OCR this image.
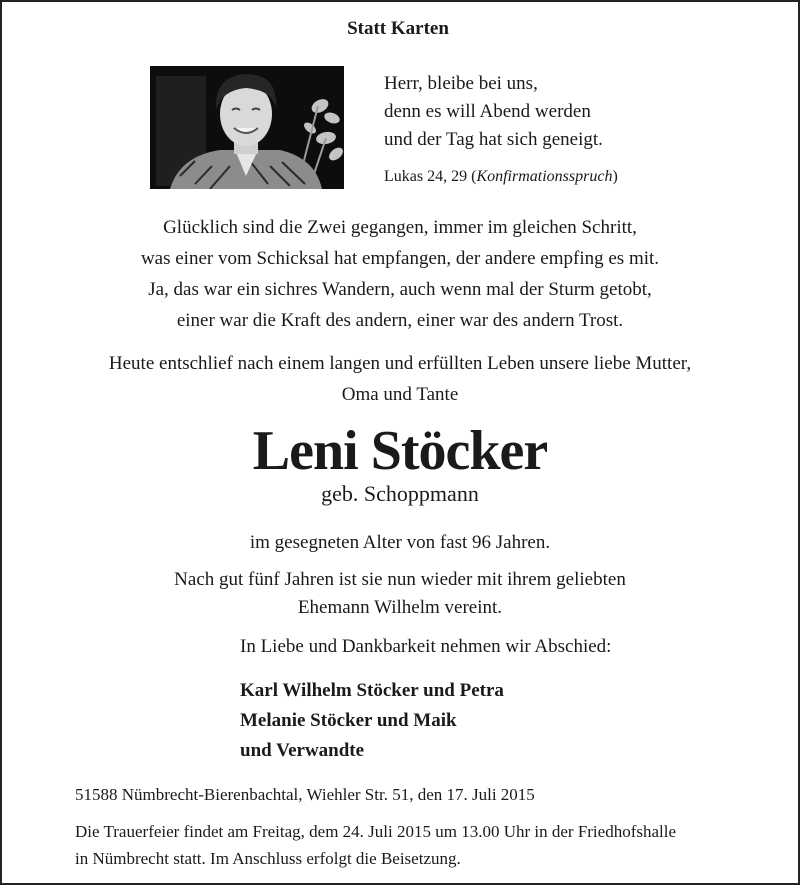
Statt Karten
Herr, bleibe bei uns,
denn es will Abend werden
und der Tag hat sich geneigt.
Lukas 24, 29 (Konfirmationsspruch)
Glücklich sind die Zwei gegangen, immer im gleichen Schritt,
was einer vom Schicksal hat empfangen, der andere empfing es mit.
Ja, das war ein sichres Wandern, auch wenn mal der Sturm getobt,
einer war die Kraft des andern, einer war des andern Trost.
Heute entschlief nach einem langen und erfüllten Leben unsere liebe Mutter,
Oma und Tante
Leni Stöcker
geb. Schoppmann
im gesegneten Alter von fast 96 Jahren.
Nach gut fünf Jahren ist sie nun wieder mit ihrem geliebten
Ehemann Wilhelm vereint.
In Liebe und Dankbarkeit nehmen wir Abschied:
Karl Wilhelm Stöcker und Petra
Melanie Stöcker und Maik
und Verwandte
51588 Nümbrecht-Bierenbachtal, Wiehler Str. 51, den 17. Juli 2015
Die Trauerfeier findet am Freitag, dem 24. Juli 2015 um 13.00 Uhr in der Friedhofshalle
in Nümbrecht statt. Im Anschluss erfolgt die Beisetzung.
